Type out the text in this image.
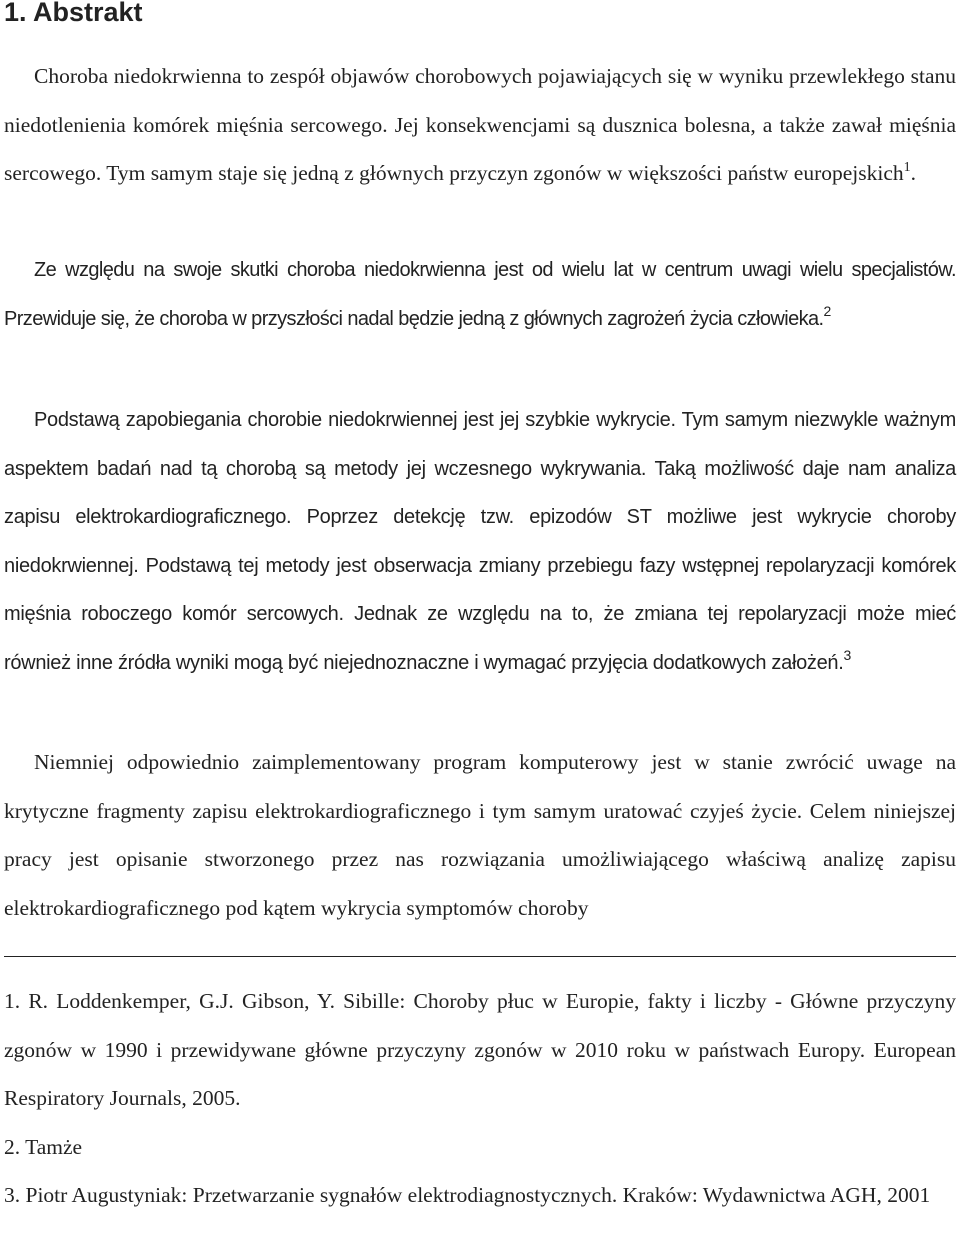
1. Abstrakt

Choroba niedokrwienna to zespół objawów chorobowych pojawiających się w wyniku przewlekłego stanu niedotlenienia komórek mięśnia sercowego. Jej konsekwencjami są dusznica bolesna, a także zawał mięśnia sercowego. Tym samym staje się jedną z głównych przyczyn zgonów w większości państw europejskich$^1$.

Ze względu na swoje skutki choroba niedokrwienna jest od wielu lat w centrum uwagi wielu specjalistów. Przewiduje się, że choroba w przyszłości nadal będzie jedną z głównych zagrożeń życia człowieka.$^2$

Podstawą zapobiegania chorobie niedokrwiennej jest jej szybkie wykrycie. Tym samym niezwykle ważnym aspektem badań nad tą chorobą są metody jej wczesnego wykrywania. Taką możliwość daje nam analiza zapisu elektrokardiograficznego. Poprzez detekcję tzw. epizodów ST możliwe jest wykrycie choroby niedokrwiennej. Podstawą tej metody jest obserwacja zmiany przebiegu fazy wstępnej repolaryzacji komórek mięśnia roboczego komór sercowych. Jednak ze względu na to, że zmiana tej repolaryzacji może mieć również inne źródła wyniki mogą być niejednoznaczne i wymagać przyjęcia dodatkowych założeń.$^3$

Niemniej odpowiednio zaimplementowany program komputerowy jest w stanie zwrócić uwage na krytyczne fragmenty zapisu elektrokardiograficznego i tym samym uratować czyjeś życie. Celem niniejszej pracy jest opisanie stworzonego przez nas rozwiązania umożliwiającego właściwą analizę zapisu elektrokardiograficznego pod kątem wykrycia symptomów choroby

1. R. Loddenkemper, G.J. Gibson, Y. Sibille: Choroby płuc w Europie, fakty i liczby - Główne przyczyny zgonów w 1990 i przewidywane główne przyczyny zgonów w 2010 roku w państwach Europy. European Respiratory Journals, 2005.
2. Tamże
3. Piotr Augustyniak: Przetwarzanie sygnałów elektrodiagnostycznych. Kraków: Wydawnictwa AGH, 2001
